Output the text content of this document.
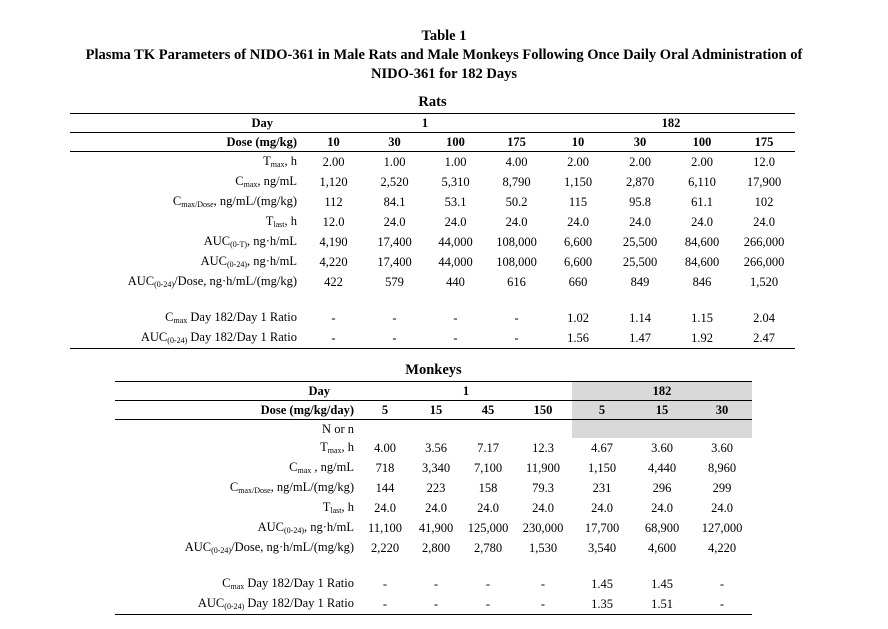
Table 1
Plasma TK Parameters of NIDO-361 in Male Rats and Male Monkeys Following Once Daily Oral Administration of
NIDO-361 for 182 Days
Rats
Day	1				182			
Dose (mg/kg)	10	30	100	175	10	30	100	175
$T_{max}$, h	2.00	1.00	1.00	4.00	2.00	2.00	2.00	12.0
$C_{max}$, ng/mL	1,120	2,520	5,310	8,790	1,150	2,870	6,110	17,900
$C_{max/Dose}$, ng/mL/(mg/kg)	112	84.1	53.1	50.2	115	95.8	61.1	102
$T_{last}$, h	12.0	24.0	24.0	24.0	24.0	24.0	24.0	24.0
$AUC_{(0-T)}$, ng·h/mL	4,190	17,400	44,000	108,000	6,600	25,500	84,600	266,000
$AUC_{(0-24)}$, ng·h/mL	4,220	17,400	44,000	108,000	6,600	25,500	84,600	266,000
$AUC_{(0-24)}$/Dose, ng·h/mL/(mg/kg)	422	579	440	616	660	849	846	1,520

$C_{max}$ Day 182/Day 1 Ratio	-	-	-	-	1.02	1.14	1.15	2.04
$AUC_{(0-24)}$ Day 182/Day 1 Ratio	-	-	-	-	1.56	1.47	1.92	2.47
Monkeys
Day	1				182		
Dose (mg/kg/day)	5	15	45	150	5	15	30
N or n							
$T_{max}$, h	4.00	3.56	7.17	12.3	4.67	3.60	3.60
$C_{max}$ , ng/mL	718	3,340	7,100	11,900	1,150	4,440	8,960
$C_{max/Dose}$, ng/mL/(mg/kg)	144	223	158	79.3	231	296	299
$T_{last}$, h	24.0	24.0	24.0	24.0	24.0	24.0	24.0
$AUC_{(0-24)}$, ng·h/mL	11,100	41,900	125,000	230,000	17,700	68,900	127,000
$AUC_{(0-24)}$/Dose, ng·h/mL/(mg/kg)	2,220	2,800	2,780	1,530	3,540	4,600	4,220

$C_{max}$ Day 182/Day 1 Ratio	-	-	-	-	1.45	1.45	-
$AUC_{(0-24)}$ Day 182/Day 1 Ratio	-	-	-	-	1.35	1.51	-
